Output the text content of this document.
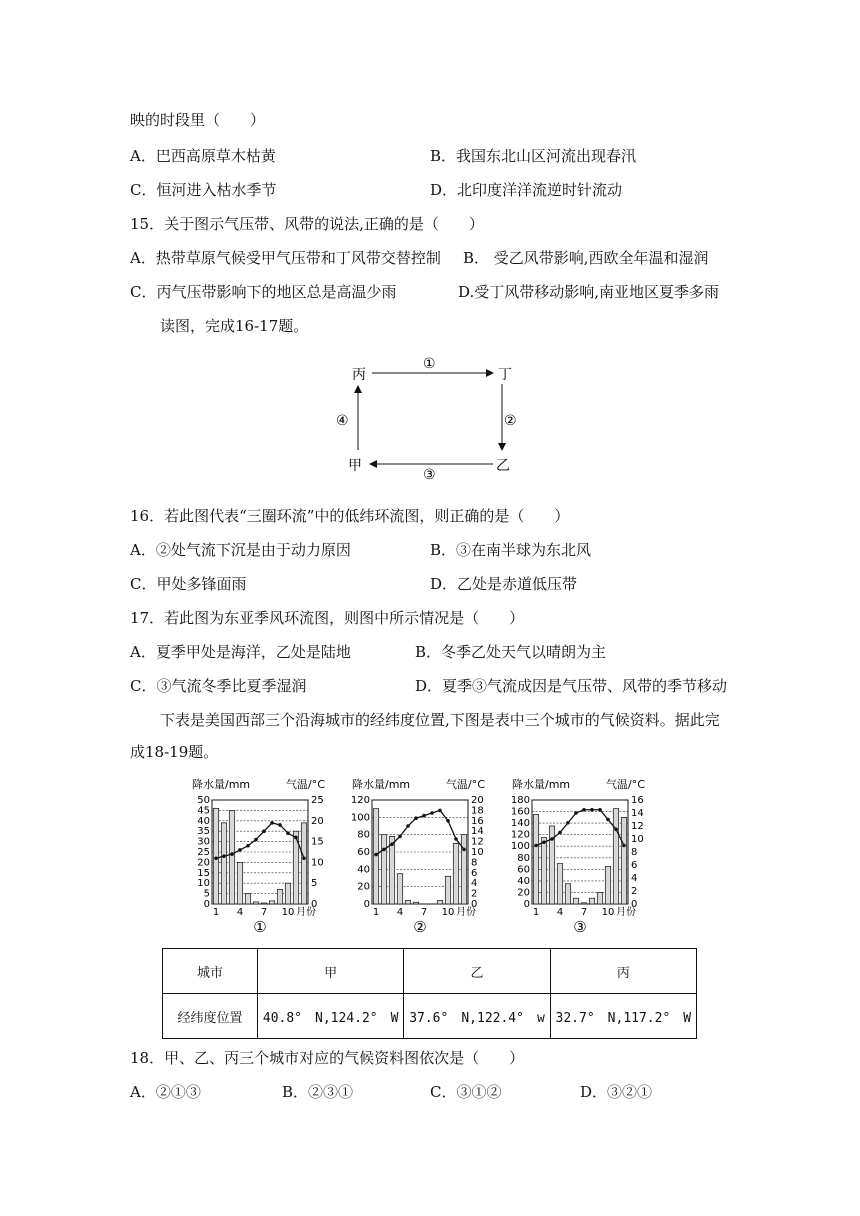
映的时段里（　　）
A．巴西高原草木枯黄	B．我国东北山区河流出现春汛
C．恒河进入枯水季节	D．北印度洋洋流逆时针流动
15．关于图示气压带、风带的说法,正确的是（　　）
A．热带草原气候受甲气压带和丁风带交替控制 B． 受乙风带影响,西欧全年温和湿润
C．丙气压带影响下的地区总是高温少雨	D.受丁风带移动影响,南亚地区夏季多雨
读图，完成16-17题。
丙	丁
甲	乙
①
②
③
④
16．若此图代表“三圈环流”中的低纬环流图，则正确的是（　　）
A．②处气流下沉是由于动力原因	B．③在南半球为东北风
C．甲处多锋面雨	D．乙处是赤道低压带
17．若此图为东亚季风环流图，则图中所示情况是（　　）
A．夏季甲处是海洋，乙处是陆地	B．冬季乙处天气以晴朗为主
C．③气流冬季比夏季湿润	D．夏季③气流成因是气压带、风带的季节移动
下表是美国西部三个沿海城市的经纬度位置,下图是表中三个城市的气候资料。据此完
成18-19题。
降水量/mm	气温/°C
0
5
10
15
20
25
30
35
40
45
50
0
5
10
15
20
25
1 4 7 10 月份
①
降水量/mm	气温/°C
0
20
40
60
80
100
120
0
2
4
6
8
10
12
14
16
18
20
1 4 7 10 月份
②
降水量/mm	气温/°C
0
20
40
60
80
100
120
140
160
180
0
2
4
6
8
10
12
14
16
1 4 7 10 月份
③
城市	甲	乙	丙
经纬度位置	40.8°　N,124.2°　W	37.6°　N,122.4°　w	32.7°　N,117.2°　W
18．甲、乙、丙三个城市对应的气候资料图依次是（　　）
A．②①③	B．②③①	C．③①②	D．③②①
